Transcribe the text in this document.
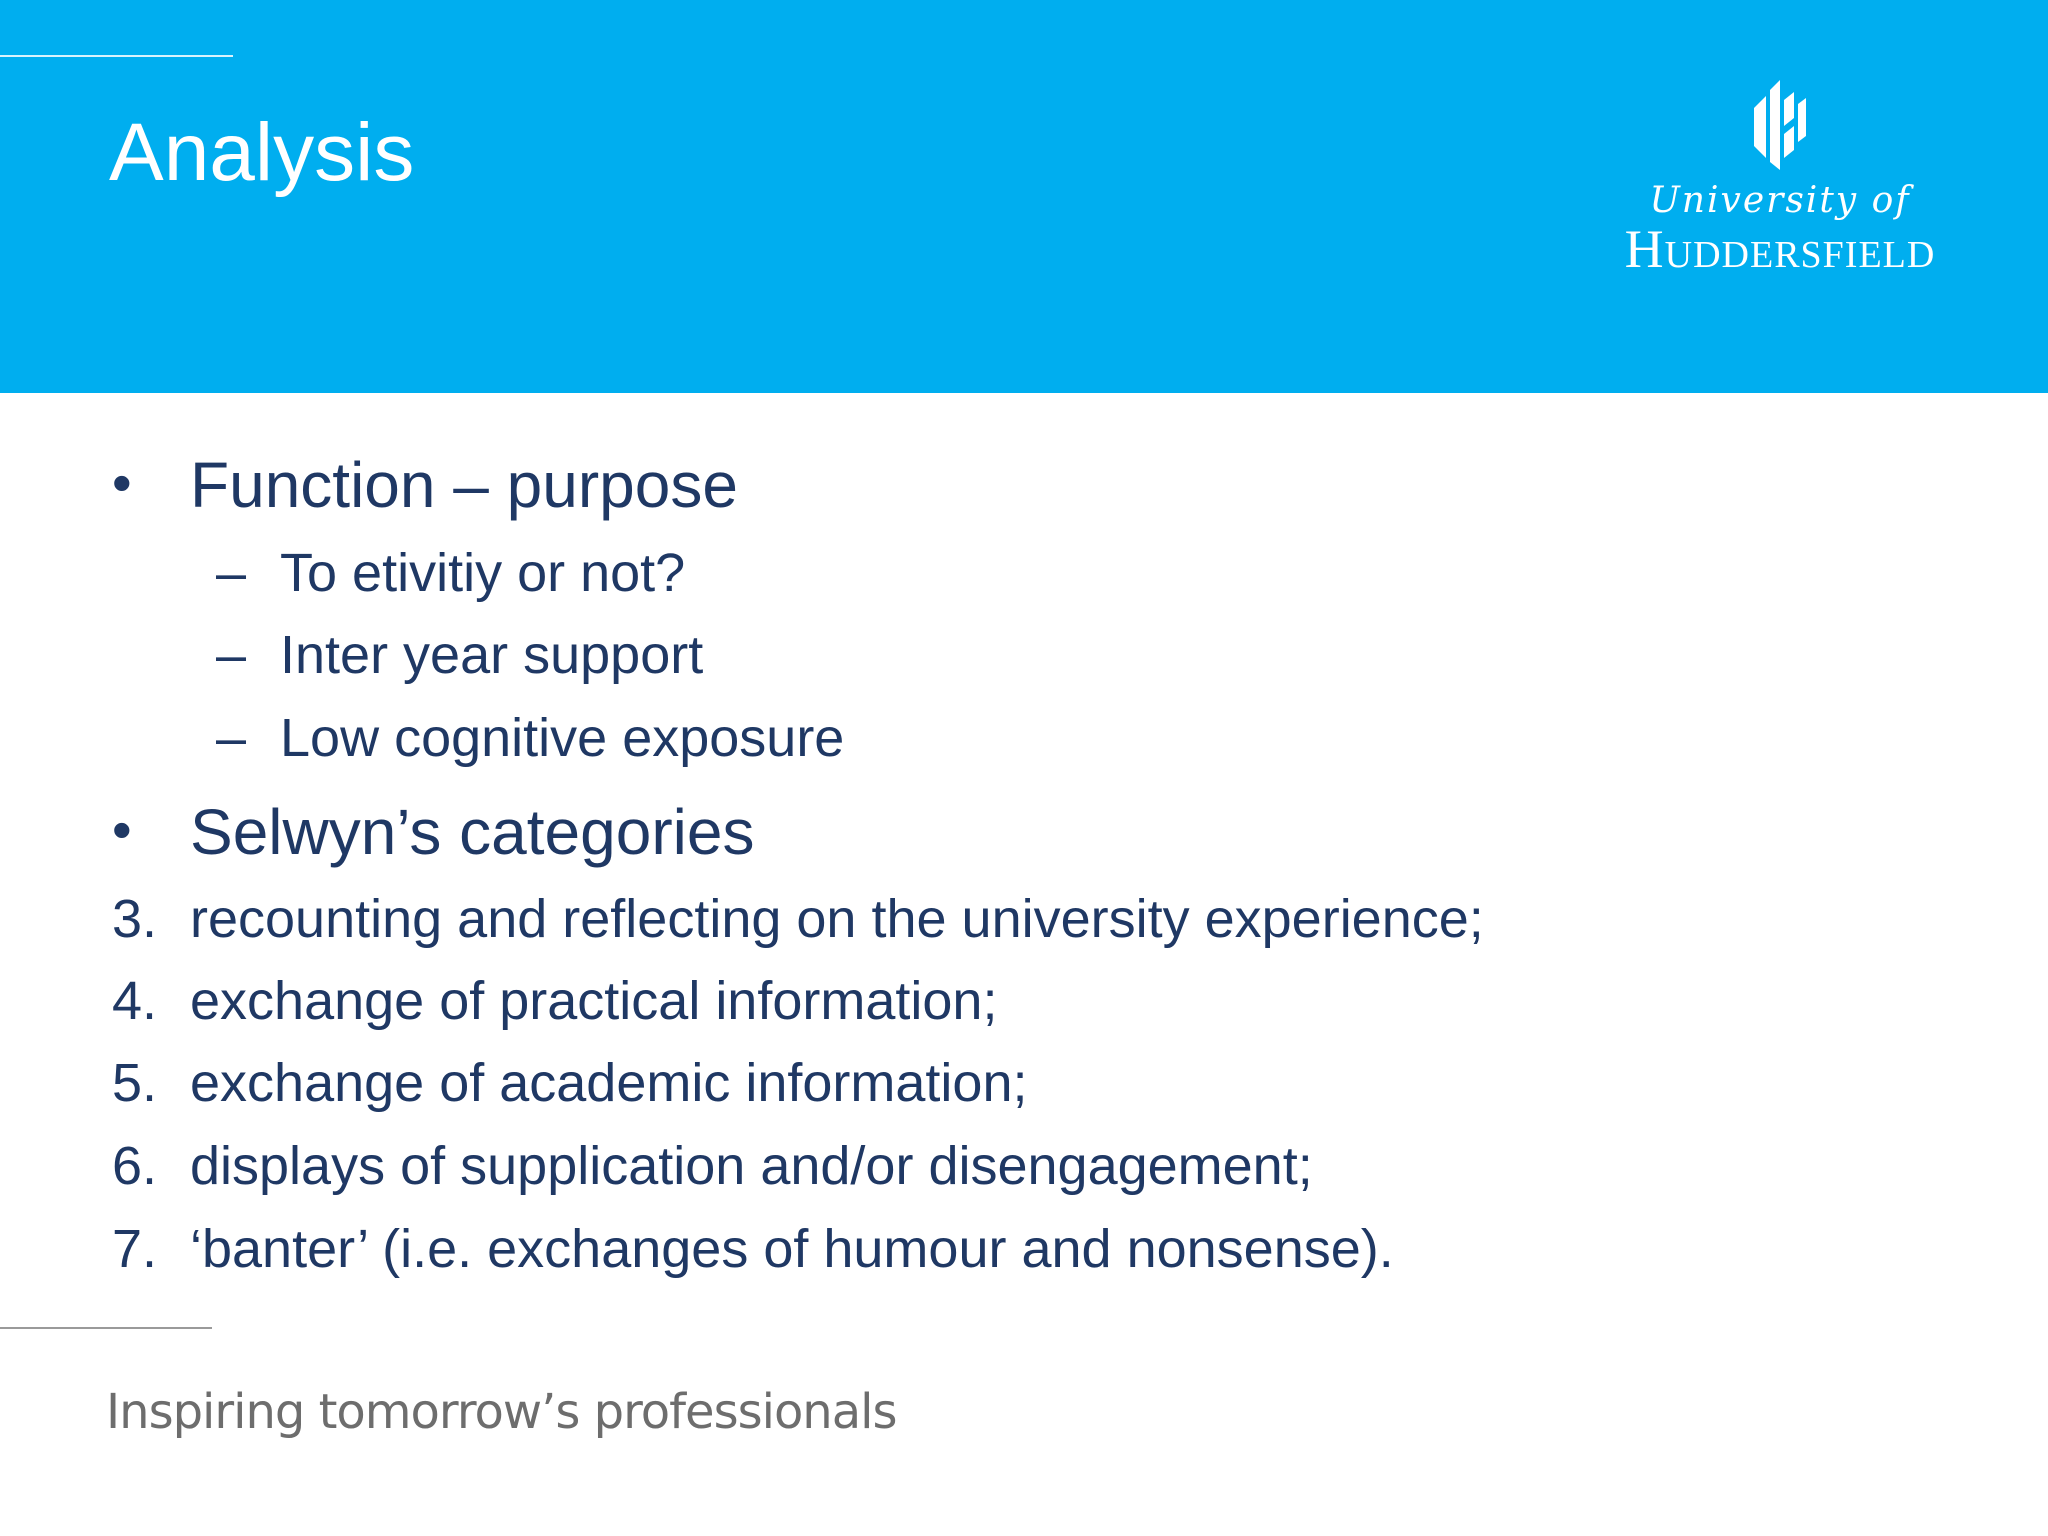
Analysis
University of
Huddersfield
• Function – purpose
– To etivitiy or not?
– Inter year support
– Low cognitive exposure
• Selwyn’s categories
3. recounting and reflecting on the university experience;
4. exchange of practical information;
5. exchange of academic information;
6. displays of supplication and/or disengagement;
7. ‘banter’ (i.e. exchanges of humour and nonsense).
Inspiring tomorrow’s professionals
